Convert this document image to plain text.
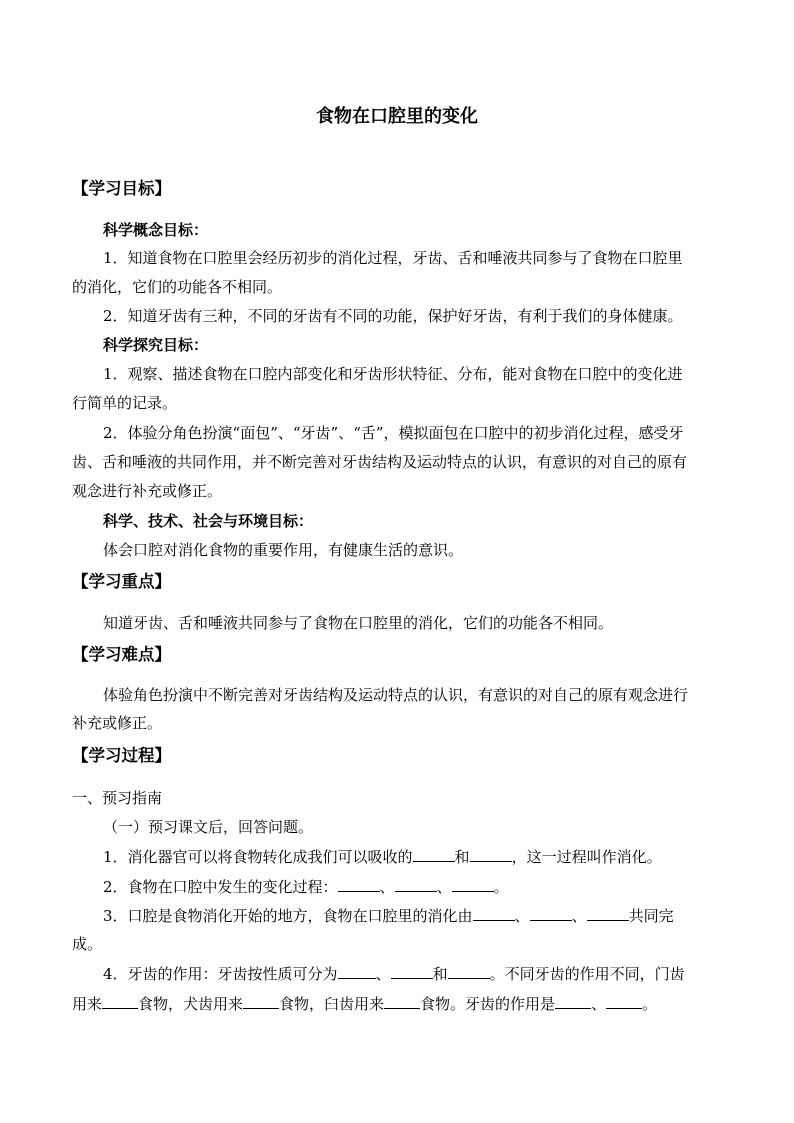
食物在口腔里的变化
【学习目标】
科学概念目标：
1．知道食物在口腔里会经历初步的消化过程，牙齿、舌和唾液共同参与了食物在口腔里
的消化，它们的功能各不相同。
2．知道牙齿有三种，不同的牙齿有不同的功能，保护好牙齿，有利于我们的身体健康。
科学探究目标：
1．观察、描述食物在口腔内部变化和牙齿形状特征、分布，能对食物在口腔中的变化进
行简单的记录。
2．体验分角色扮演“面包”、“牙齿”、“舌”，模拟面包在口腔中的初步消化过程，感受牙
齿、舌和唾液的共同作用，并不断完善对牙齿结构及运动特点的认识，有意识的对自己的原有
观念进行补充或修正。
科学、技术、社会与环境目标：
体会口腔对消化食物的重要作用，有健康生活的意识。
【学习重点】
知道牙齿、舌和唾液共同参与了食物在口腔里的消化，它们的功能各不相同。
【学习难点】
体验角色扮演中不断完善对牙齿结构及运动特点的认识，有意识的对自己的原有观念进行
补充或修正。
【学习过程】
一、预习指南
（一）预习课文后，回答问题。
1．消化器官可以将食物转化成我们可以吸收的	和	，这一过程叫作消化。
2．食物在口腔中发生的变化过程：	、	、	。
3．口腔是食物消化开始的地方，食物在口腔里的消化由	、	、	共同完
成。
4．牙齿的作用：牙齿按性质可分为	、	和	。不同牙齿的作用不同，门齿
用来 食物，犬齿用来 食物，臼齿用来 食物。牙齿的作用是 、 。
